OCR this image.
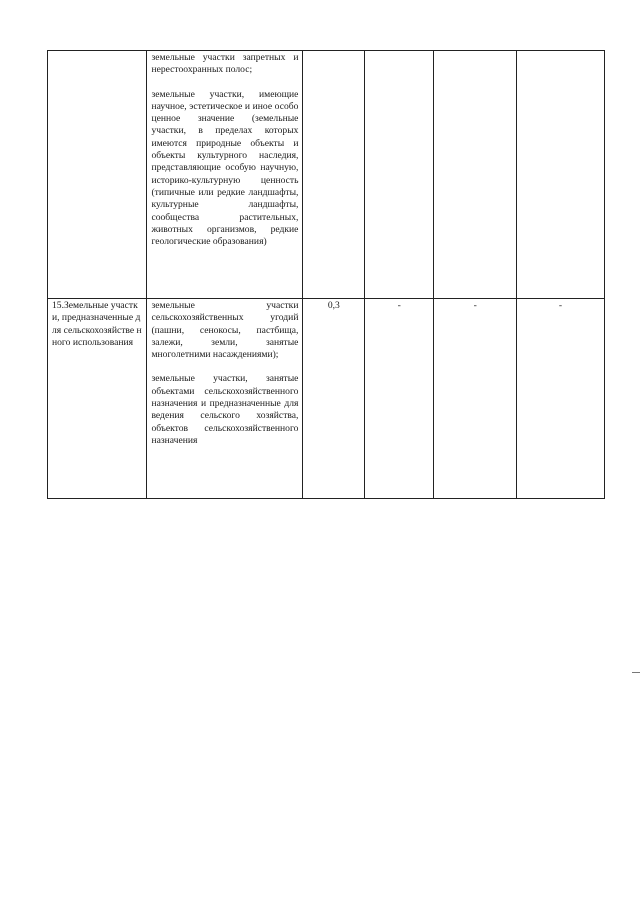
	земельные участки запретных и нерестоохранных полос;
земельные участки, имеющие научное, эстетическое и иное особо ценное значение (земельные участки, в пределах которых имеются природные объекты и объекты культурного наследия, представляющие особую научную, историко-культурную ценность (типичные или редкие ландшафты, культурные ландшафты, сообщества растительных, животных организмов, редкие геологические образования)				

15.Земельные участки, предназначенные для сельскохозяйстве нного использования	земельные участки сельскохозяйственных угодий (пашни, сенокосы, пастбища, залежи, земли, занятые многолетними насаждениями);
земельные участки, занятые объектами сельскохозяйственного назначения и предназначенные для ведения сельского хозяйства, объектов сельскохозяйственного назначения	0,3	-	-	-
